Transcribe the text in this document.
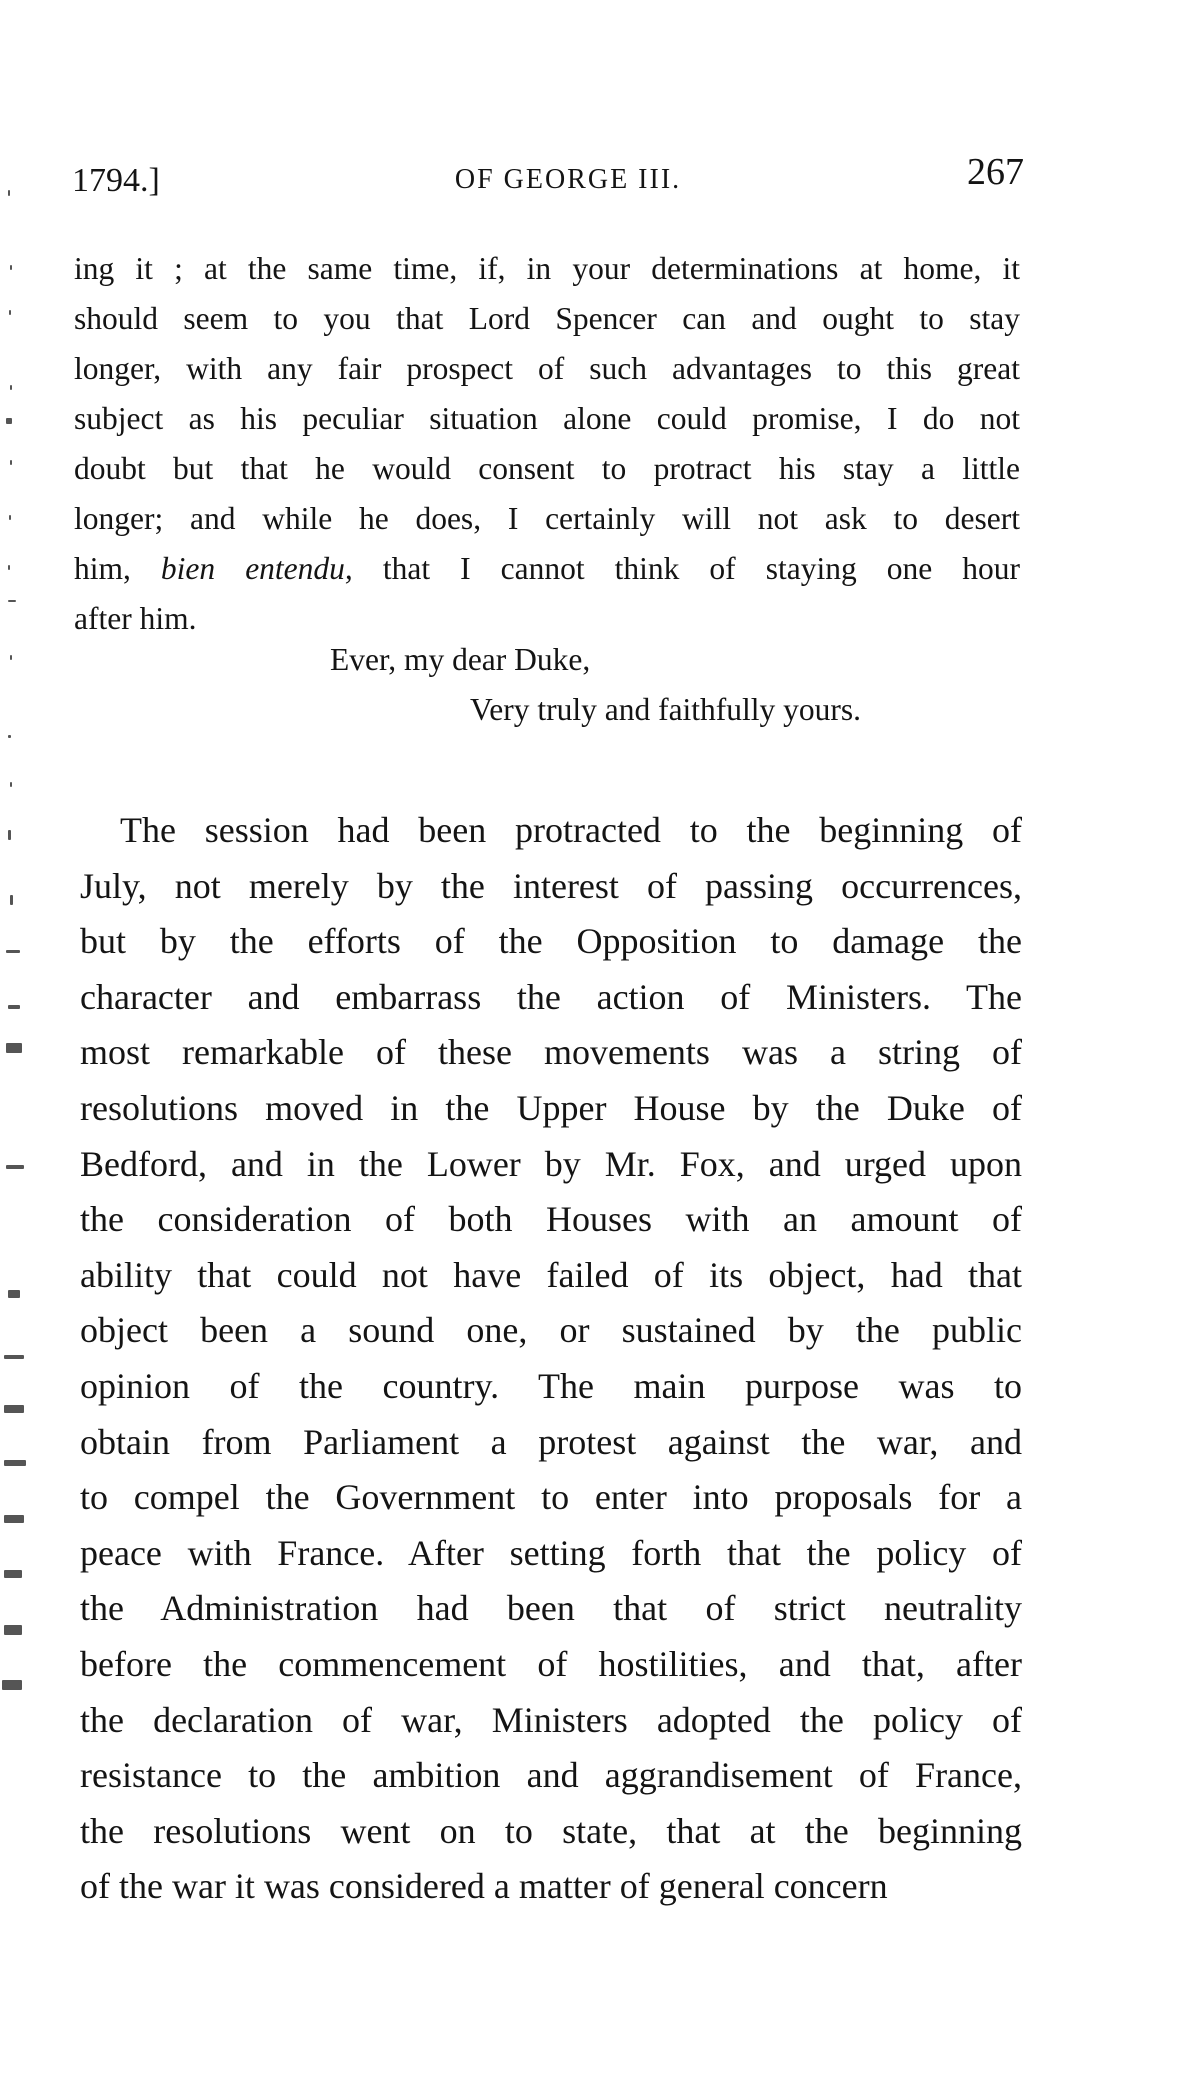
1794.]	OF GEORGE III.	267
ing it ; at the same time, if, in your determinations at home, it
should seem to you that Lord Spencer can and ought to stay
longer, with any fair prospect of such advantages to this great
subject as his peculiar situation alone could promise, I do not
doubt but that he would consent to protract his stay a little
longer; and while he does, I certainly will not ask to desert
him, bien entendu, that I cannot think of staying one hour
after him.
Ever, my dear Duke,
Very truly and faithfully yours.
The session had been protracted to the beginning of
July, not merely by the interest of passing occurrences,
but by the efforts of the Opposition to damage the
character and embarrass the action of Ministers. The
most remarkable of these movements was a string of
resolutions moved in the Upper House by the Duke of
Bedford, and in the Lower by Mr. Fox, and urged upon
the consideration of both Houses with an amount of
ability that could not have failed of its object, had that
object been a sound one, or sustained by the public
opinion of the country. The main purpose was to
obtain from Parliament a protest against the war, and
to compel the Government to enter into proposals for a
peace with France. After setting forth that the policy of
the Administration had been that of strict neutrality
before the commencement of hostilities, and that, after
the declaration of war, Ministers adopted the policy of
resistance to the ambition and aggrandisement of France,
the resolutions went on to state, that at the beginning
of the war it was considered a matter of general concern
